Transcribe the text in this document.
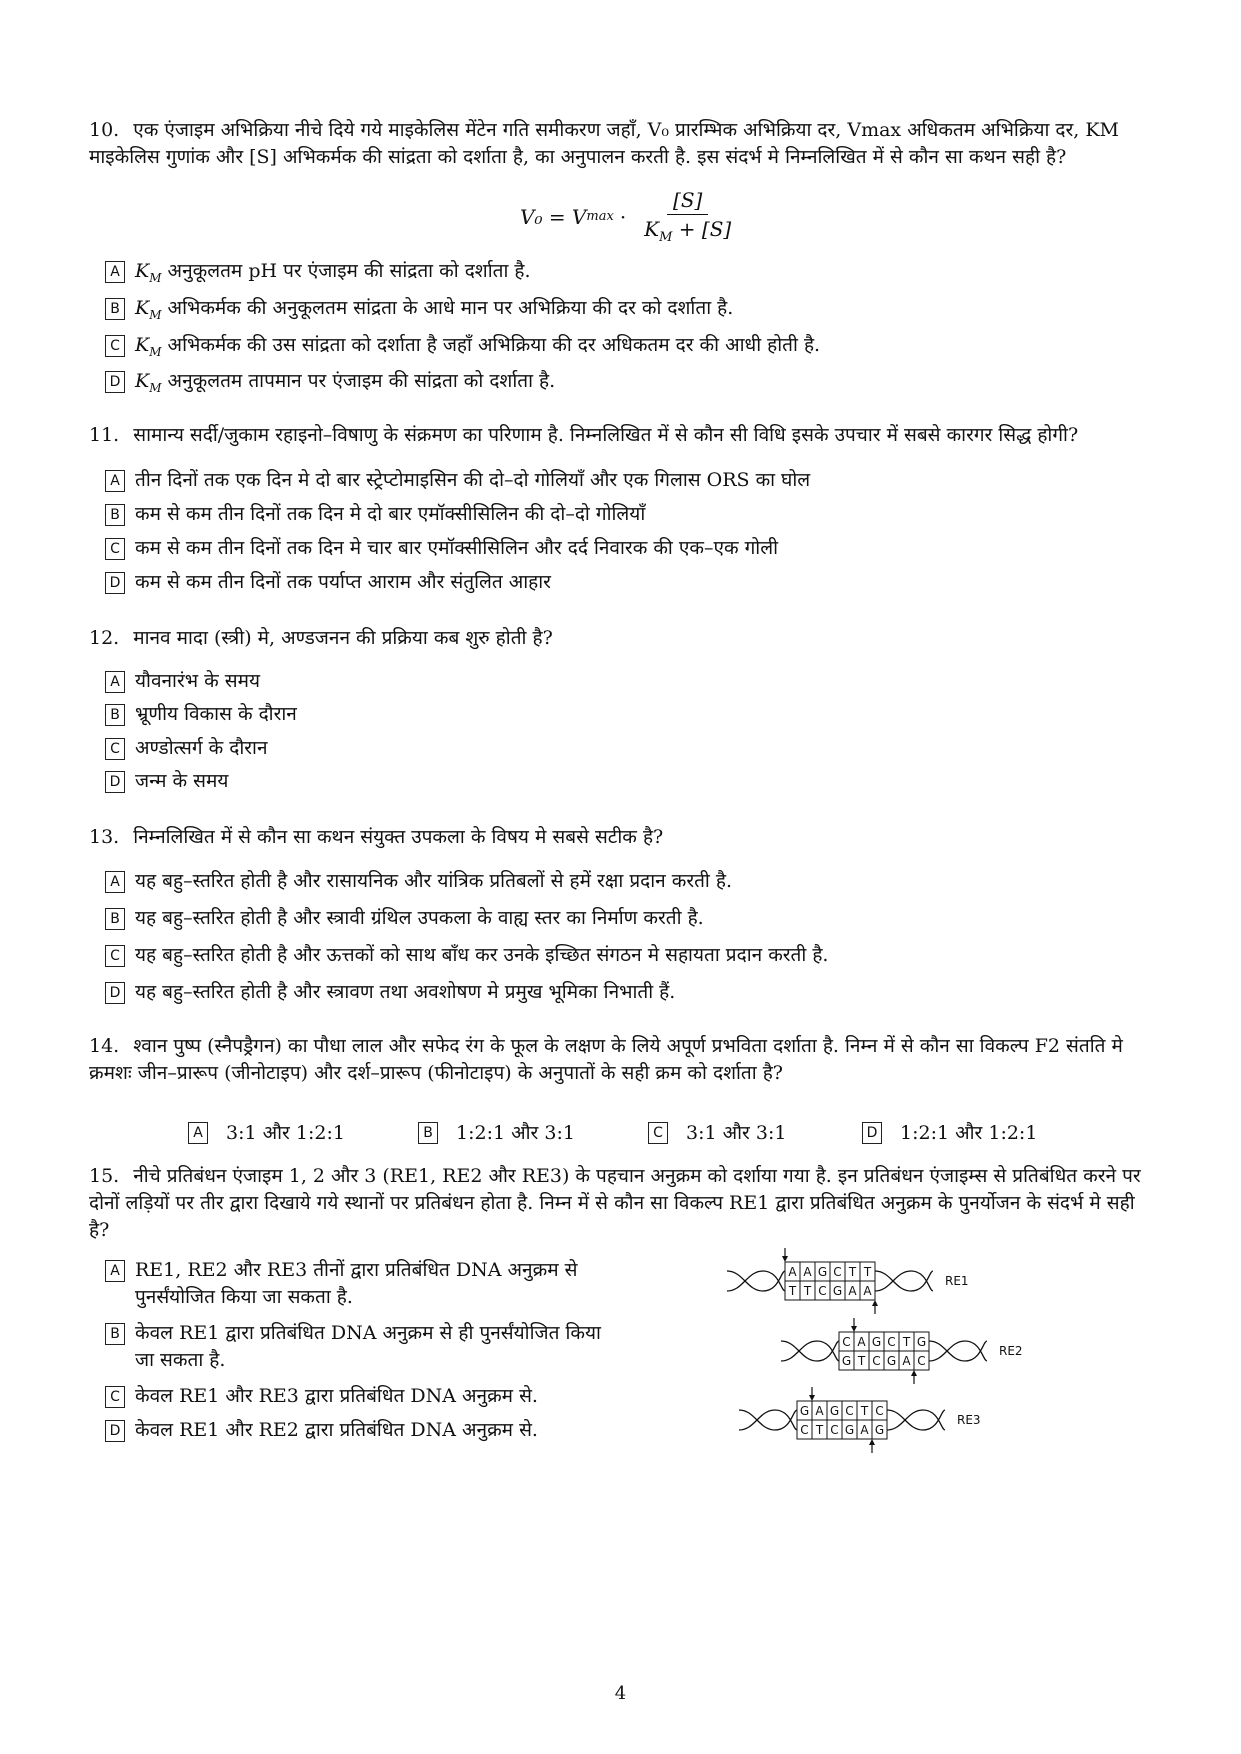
10. एक एंजाइम अभिक्रिया नीचे दिये गये माइकेलिस मेंटेन गति समीकरण जहाँ, V₀ प्रारम्भिक अभिक्रिया दर, Vmax अधिकतम अभिक्रिया दर, KM माइकेलिस गुणांक और [S] अभिकर्मक की सांद्रता को दर्शाता है, का अनुपालन करती है. इस संदर्भ मे निम्नलिखित में से कौन सा कथन सही है?
V₀ = V $\max \cdot \frac{[S]}{K_M + [S]}$
A $K_M$
अनुकूलतम pH पर एंजाइम की सांद्रता को दर्शाता है.
B $K_M$
अभिकर्मक की अनुकूलतम सांद्रता के आधे मान पर अभिक्रिया की दर को दर्शाता है.
C $K_M$
अभिकर्मक की उस सांद्रता को दर्शाता है जहाँ अभिक्रिया की दर अधिकतम दर की आधी होती है.
D $K_M$
अनुकूलतम तापमान पर एंजाइम की सांद्रता को दर्शाता है.
11. सामान्य सर्दी/जुकाम रहाइनो–विषाणु के संक्रमण का परिणाम है. निम्नलिखित में से कौन सी विधि इसके उपचार में सबसे कारगर सिद्ध होगी?
A तीन दिनों तक एक दिन मे दो बार स्ट्रेप्टोमाइसिन की दो–दो गोलियाँ और एक गिलास ORS का घोल
B कम से कम तीन दिनों तक दिन मे दो बार एमॉक्सीसिलिन की दो–दो गोलियाँ
C कम से कम तीन दिनों तक दिन मे चार बार एमॉक्सीसिलिन और दर्द निवारक की एक–एक गोली
D कम से कम तीन दिनों तक पर्याप्त आराम और संतुलित आहार
12. मानव मादा (स्त्री) मे, अण्डजनन की प्रक्रिया कब शुरु होती है?
A यौवनारंभ के समय
B भ्रूणीय विकास के दौरान
C अण्डोत्सर्ग के दौरान
D जन्म के समय
13. निम्नलिखित में से कौन सा कथन संयुक्त उपकला के विषय मे सबसे सटीक है?
A यह बहु–स्तरित होती है और रासायनिक और यांत्रिक प्रतिबलों से हमें रक्षा प्रदान करती है.
B यह बहु–स्तरित होती है और स्त्रावी ग्रंथिल उपकला के वाह्य स्तर का निर्माण करती है.
C यह बहु–स्तरित होती है और ऊत्तकों को साथ बाँध कर उनके इच्छित संगठन मे सहायता प्रदान करती है.
D यह बहु–स्तरित होती है और स्त्रावण तथा अवशोषण मे प्रमुख भूमिका निभाती हैं.
14. श्वान पुष्प (स्नैपड्रैगन) का पौधा लाल और सफेद रंग के फूल के लक्षण के लिये अपूर्ण प्रभविता दर्शाता है. निम्न में से कौन सा विकल्प F2 संतति मे क्रमशः जीन–प्रारूप (जीनोटाइप) और दर्श–प्रारूप (फीनोटाइप) के अनुपातों के सही क्रम को दर्शाता है?
A 3:1 और 1:2:1	B 1:2:1 और 3:1	C 3:1 और 3:1	D 1:2:1 और 1:2:1
15. नीचे प्रतिबंधन एंजाइम 1, 2 और 3 (RE1, RE2 और RE3) के पहचान अनुक्रम को दर्शाया गया है. इन प्रतिबंधन एंजाइम्स से प्रतिबंधित करने पर दोनों लड़ियों पर तीर द्वारा दिखाये गये स्थानों पर प्रतिबंधन होता है. निम्न में से कौन सा विकल्प RE1 द्वारा प्रतिबंधित अनुक्रम के पुनर्योजन के संदर्भ मे सही है?
A RE1, RE2 और RE3 तीनों द्वारा प्रतिबंधित DNA अनुक्रम से पुनर्संयोजित किया जा सकता है.
B केवल RE1 द्वारा प्रतिबंधित DNA अनुक्रम से ही पुनर्संयोजित किया जा सकता है.
C केवल RE1 और RE3 द्वारा प्रतिबंधित DNA अनुक्रम से.
D केवल RE1 और RE2 द्वारा प्रतिबंधित DNA अनुक्रम से.
A A G C T T
T T C G A A
RE1
C A G C T G
G T C G A C
RE2
G A G C T C
C T C G A G
RE3
4
